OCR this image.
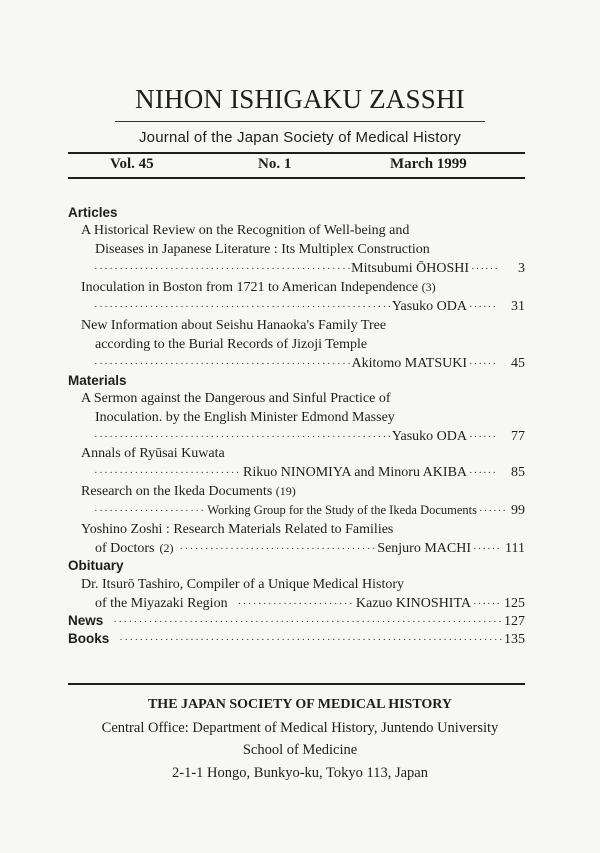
NIHON ISHIGAKU ZASSHI
Journal of the Japan Society of Medical History
Vol. 45	No. 1	March 1999
Articles
A Historical Review on the Recognition of Well-being and
Diseases in Japanese Literature : Its Multiplex Construction
·····
Mitsubumi ŌHOSHI ······	3
Inoculation in Boston from 1721 to American Independence (3)
·····
Yasuko ODA ······ 31
New Information about Seishu Hanaoka's Family Tree
according to the Burial Records of Jizoji Temple
·····
Akitomo MATSUKI ······ 45
Materials
A Sermon against the Dangerous and Sinful Practice of
Inoculation. by the English Minister Edmond Massey
·····
Yasuko ODA ······ 77
Annals of Ryūsai Kuwata
·····
Rikuo NINOMIYA and Minoru AKIBA ······ 85
Research on the Ikeda Documents (19)
·····
Working Group for the Study of the Ikeda Documents ······ 99
Yoshino Zoshi : Research Materials Related to Families
of Doctors (2) ·····	Senjuro MACHI ······ 111
Obituary
Dr. Itsurō Tashiro, Compiler of a Unique Medical History
of the Miyazaki Region ·····	Kazuo KINOSHITA ······ 125
News ·····	127
Books ·····	135
THE JAPAN SOCIETY OF MEDICAL HISTORY
Central Office: Department of Medical History, Juntendo University
School of Medicine
2-1-1 Hongo, Bunkyo-ku, Tokyo 113, Japan
